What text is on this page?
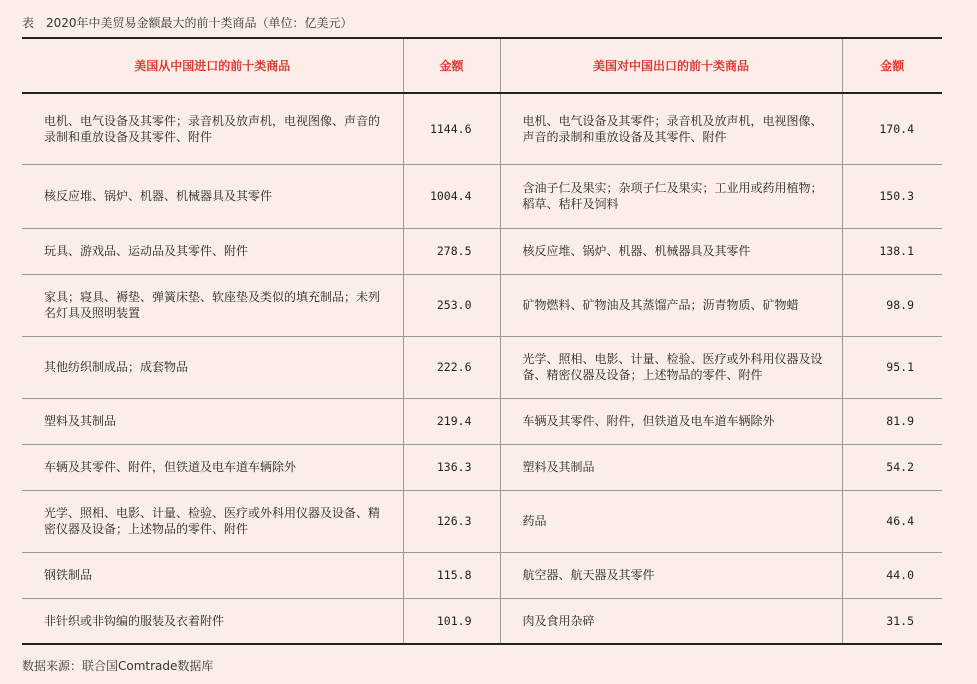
表 2020年中美贸易金额最大的前十类商品（单位：亿美元）
美国从中国进口的前十类商品	金额	美国对中国出口的前十类商品	金额
电机、电气设备及其零件；录音机及放声机，电视图像、声音的录制和重放设备及其零件、附件	1144.6	电机、电气设备及其零件；录音机及放声机，电视图像、声音的录制和重放设备及其零件、附件	170.4
核反应堆、锅炉、机器、机械器具及其零件	1004.4	含油子仁及果实；杂项子仁及果实；工业用或药用植物；稻草、秸秆及饲料	150.3
玩具、游戏品、运动品及其零件、附件	278.5	核反应堆、锅炉、机器、机械器具及其零件	138.1
家具；寝具、褥垫、弹簧床垫、软座垫及类似的填充制品；未列名灯具及照明装置	253.0	矿物燃料、矿物油及其蒸馏产品；沥青物质、矿物蜡	98.9
其他纺织制成品；成套物品	222.6	光学、照相、电影、计量、检验、医疗或外科用仪器及设备、精密仪器及设备；上述物品的零件、附件	95.1
塑料及其制品	219.4	车辆及其零件、附件，但铁道及电车道车辆除外	81.9
车辆及其零件、附件，但铁道及电车道车辆除外	136.3	塑料及其制品	54.2
光学、照相、电影、计量、检验、医疗或外科用仪器及设备、精密仪器及设备；上述物品的零件、附件	126.3	药品	46.4
钢铁制品	115.8	航空器、航天器及其零件	44.0
非针织或非钩编的服装及衣着附件	101.9	肉及食用杂碎	31.5
数据来源：联合国Comtrade数据库
